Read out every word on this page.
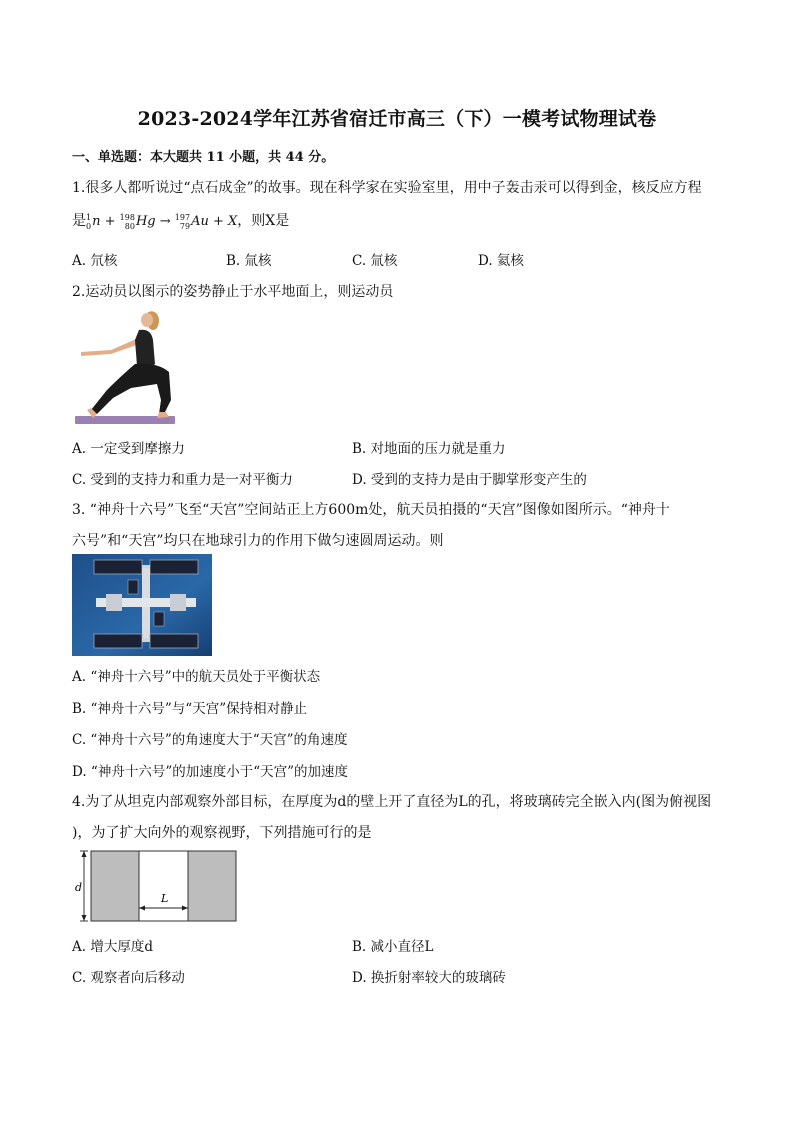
2023-2024学年江苏省宿迁市高三（下）一模考试物理试卷
一、单选题：本大题共 11 小题，共 44 分。
1.很多人都听说过“点石成金”的故事。现在科学家在实验室里，用中子轰击汞可以得到金，核反应方程
是1
0n + 198
80Hg → 197
79Au + X，则X是
A. 氘核	B. 氚核	C. 氚核	D. 氦核
2.运动员以图示的姿势静止于水平地面上，则运动员
A. 一定受到摩擦力	B. 对地面的压力就是重力
C. 受到的支持力和重力是一对平衡力	D. 受到的支持力是由于脚掌形变产生的
3. “神舟十六号”飞至“天宫”空间站正上方600m处，航天员拍摄的“天宫”图像如图所示。“神舟十
六号”和“天宫”均只在地球引力的作用下做匀速圆周运动。则
A. “神舟十六号”中的航天员处于平衡状态
B. “神舟十六号”与“天宫”保持相对静止
C. “神舟十六号”的角速度大于“天宫”的角速度
D. “神舟十六号”的加速度小于“天宫”的加速度
4.为了从坦克内部观察外部目标，在厚度为d的壁上开了直径为L的孔，将玻璃砖完全嵌入内(图为俯视图
)，为了扩大向外的观察视野，下列措施可行的是
d
L
A. 增大厚度d	B. 减小直径L
C. 观察者向后移动	D. 换折射率较大的玻璃砖
